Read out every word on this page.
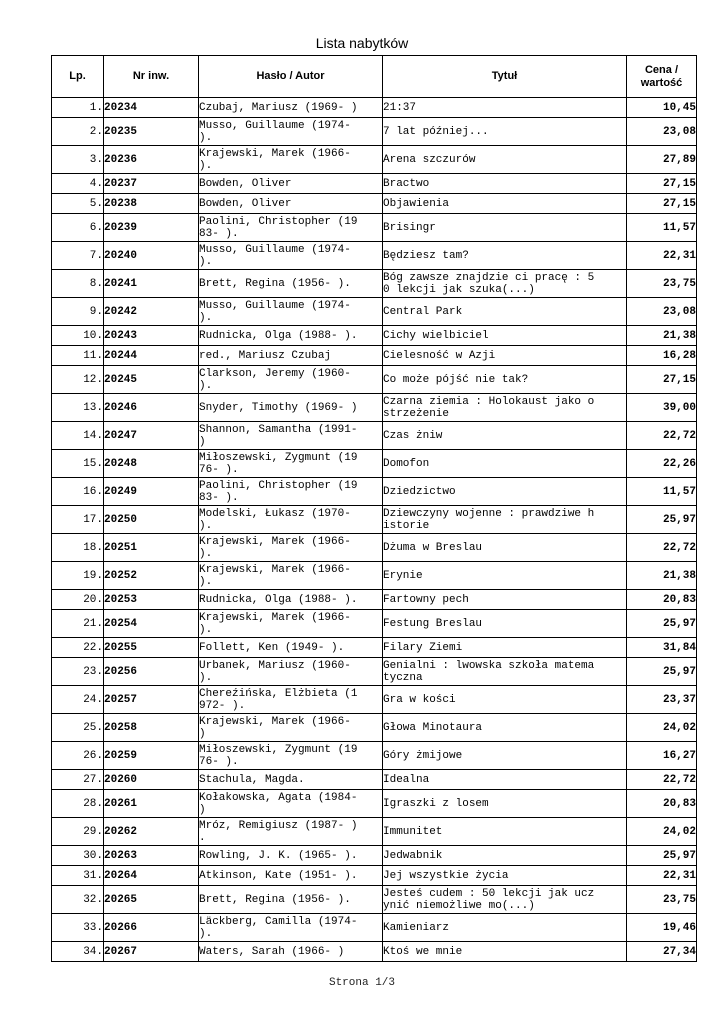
Lista nabytków
Lp.	Nr inw.	Hasło / Autor	Tytuł	Cena /
wartość
1.	20234	Czubaj, Mariusz (1969- )	21:37	10,45
2.	20235	Musso, Guillaume (1974-
).	7 lat później...	23,08
3.	20236	Krajewski, Marek (1966-
).	Arena szczurów	27,89
4.	20237	Bowden, Oliver	Bractwo	27,15
5.	20238	Bowden, Oliver	Objawienia	27,15
6.	20239	Paolini, Christopher (19
83- ).	Brisingr	11,57
7.	20240	Musso, Guillaume (1974-
).	Będziesz tam?	22,31
8.	20241	Brett, Regina (1956- ).	Bóg zawsze znajdzie ci pracę : 5
0 lekcji jak szuka(...)	23,75
9.	20242	Musso, Guillaume (1974-
).	Central Park	23,08
10.	20243	Rudnicka, Olga (1988- ).	Cichy wielbiciel	21,38
11.	20244	red., Mariusz Czubaj	Cielesność w Azji	16,28
12.	20245	Clarkson, Jeremy (1960-
).	Co może pójść nie tak?	27,15
13.	20246	Snyder, Timothy (1969- )	Czarna ziemia : Holokaust jako o
strzeżenie	39,00
14.	20247	Shannon, Samantha (1991-
)	Czas żniw	22,72
15.	20248	Miłoszewski, Zygmunt (19
76- ).	Domofon	22,26
16.	20249	Paolini, Christopher (19
83- ).	Dziedzictwo	11,57
17.	20250	Modelski, Łukasz (1970-
).	Dziewczyny wojenne : prawdziwe h
istorie	25,97
18.	20251	Krajewski, Marek (1966-
).	Dżuma w Breslau	22,72
19.	20252	Krajewski, Marek (1966-
).	Erynie	21,38
20.	20253	Rudnicka, Olga (1988- ).	Fartowny pech	20,83
21.	20254	Krajewski, Marek (1966-
).	Festung Breslau	25,97
22.	20255	Follett, Ken (1949- ).	Filary Ziemi	31,84
23.	20256	Urbanek, Mariusz (1960-
).	Genialni : lwowska szkoła matema
tyczna	25,97
24.	20257	Chereźińska, Elżbieta (1
972- ).	Gra w kości	23,37
25.	20258	Krajewski, Marek (1966-
)	Głowa Minotaura	24,02
26.	20259	Miłoszewski, Zygmunt (19
76- ).	Góry żmijowe	16,27
27.	20260	Stachula, Magda.	Idealna	22,72
28.	20261	Kołakowska, Agata (1984-
)	Igraszki z losem	20,83
29.	20262	Mróz, Remigiusz (1987- )
.	Immunitet	24,02
30.	20263	Rowling, J. K. (1965- ).	Jedwabnik	25,97
31.	20264	Atkinson, Kate (1951- ).	Jej wszystkie życia	22,31
32.	20265	Brett, Regina (1956- ).	Jesteś cudem : 50 lekcji jak ucz
ynić niemożliwe mo(...)	23,75
33.	20266	Läckberg, Camilla (1974-
).	Kamieniarz	19,46
34.	20267	Waters, Sarah (1966- )	Ktoś we mnie	27,34
Strona 1/3
